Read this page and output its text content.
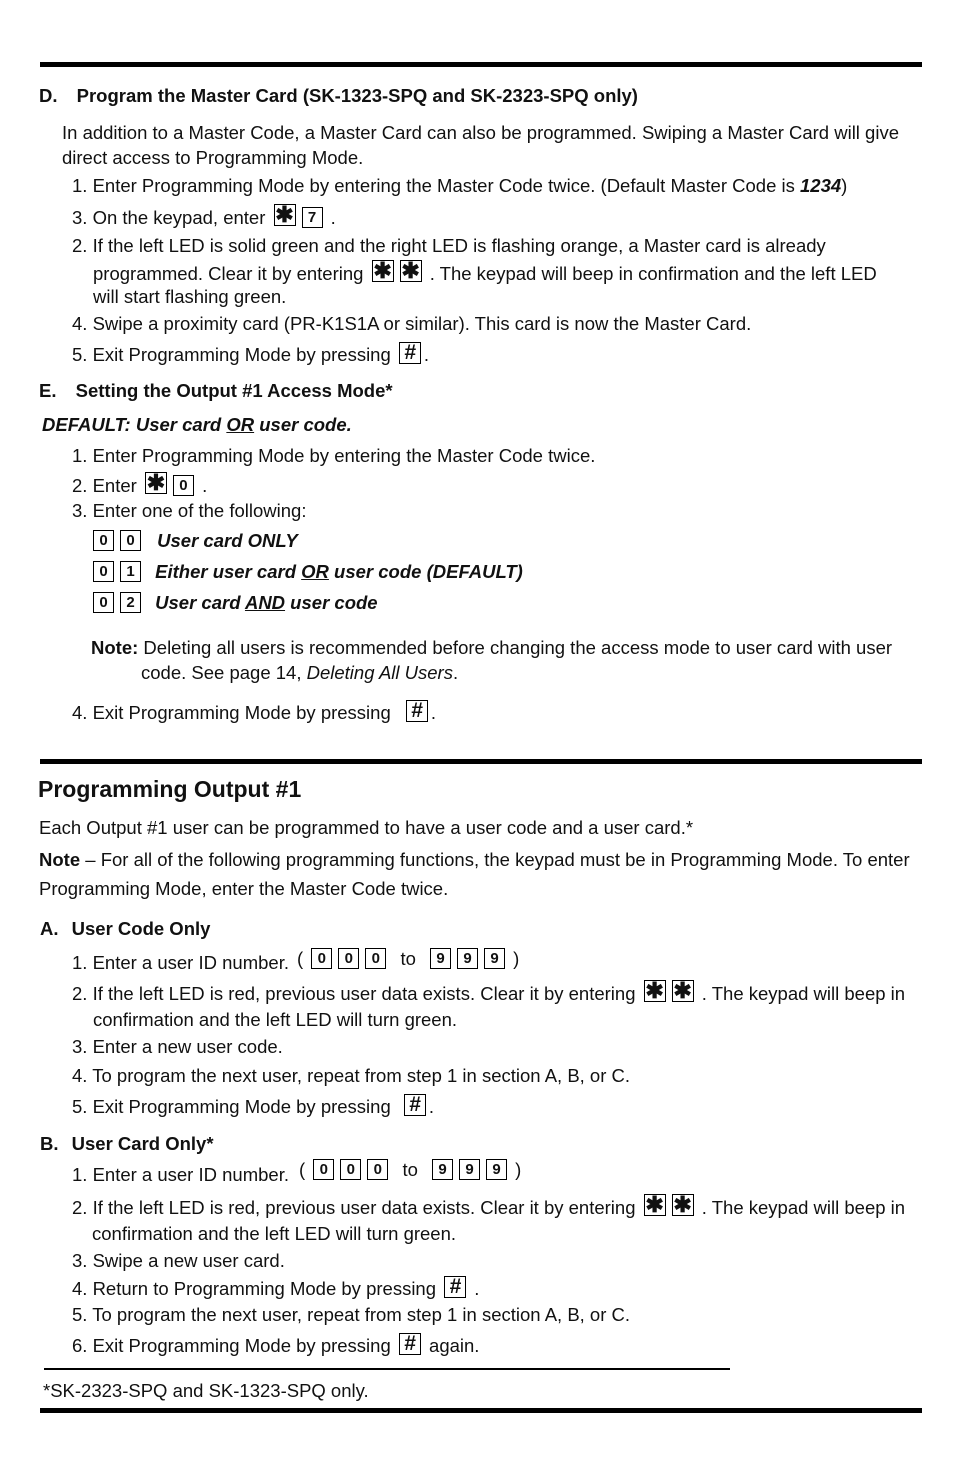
D. Program the Master Card (SK-1323-SPQ and SK-2323-SPQ only)
In addition to a Master Code, a Master Card can also be programmed. Swiping a Master Card will give
direct access to Programming Mode.
1. Enter Programming Mode by entering the Master Code twice. (Default Master Code is 1234)
3. On the keypad, enter ✱ 7 .
2. If the left LED is solid green and the right LED is flashing orange, a Master card is already
programmed. Clear it by entering ✱ ✱ . The keypad will beep in confirmation and the left LED
will start flashing green.
4. Swipe a proximity card (PR-K1S1A or similar). This card is now the Master Card.
5. Exit Programming Mode by pressing # .
E. Setting the Output #1 Access Mode*
DEFAULT: User card OR user code.
1. Enter Programming Mode by entering the Master Code twice.
2. Enter ✱ 0 .
3. Enter one of the following:
0 0 User card ONLY
0 1 Either user card OR user code (DEFAULT)
0 2 User card AND user code
Note: Deleting all users is recommended before changing the access mode to user card with user
code. See page 14, Deleting All Users.
4. Exit Programming Mode by pressing # .
Programming Output #1
Each Output #1 user can be programmed to have a user code and a user card.*
Note – For all of the following programming functions, the keypad must be in Programming Mode. To enter
Programming Mode, enter the Master Code twice.
A. User Code Only
1. Enter a user ID number. ( 0 0 0 to 9 9 9 )
2. If the left LED is red, previous user data exists. Clear it by entering ✱ ✱ . The keypad will beep in
confirmation and the left LED will turn green.
3. Enter a new user code.
4. To program the next user, repeat from step 1 in section A, B, or C.
5. Exit Programming Mode by pressing # .
B. User Card Only*
1. Enter a user ID number. ( 0 0 0 to 9 9 9 )
2. If the left LED is red, previous user data exists. Clear it by entering ✱ ✱ . The keypad will beep in
confirmation and the left LED will turn green.
3. Swipe a new user card.
4. Return to Programming Mode by pressing # .
5. To program the next user, repeat from step 1 in section A, B, or C.
6. Exit Programming Mode by pressing # again.
*SK-2323-SPQ and SK-1323-SPQ only.
